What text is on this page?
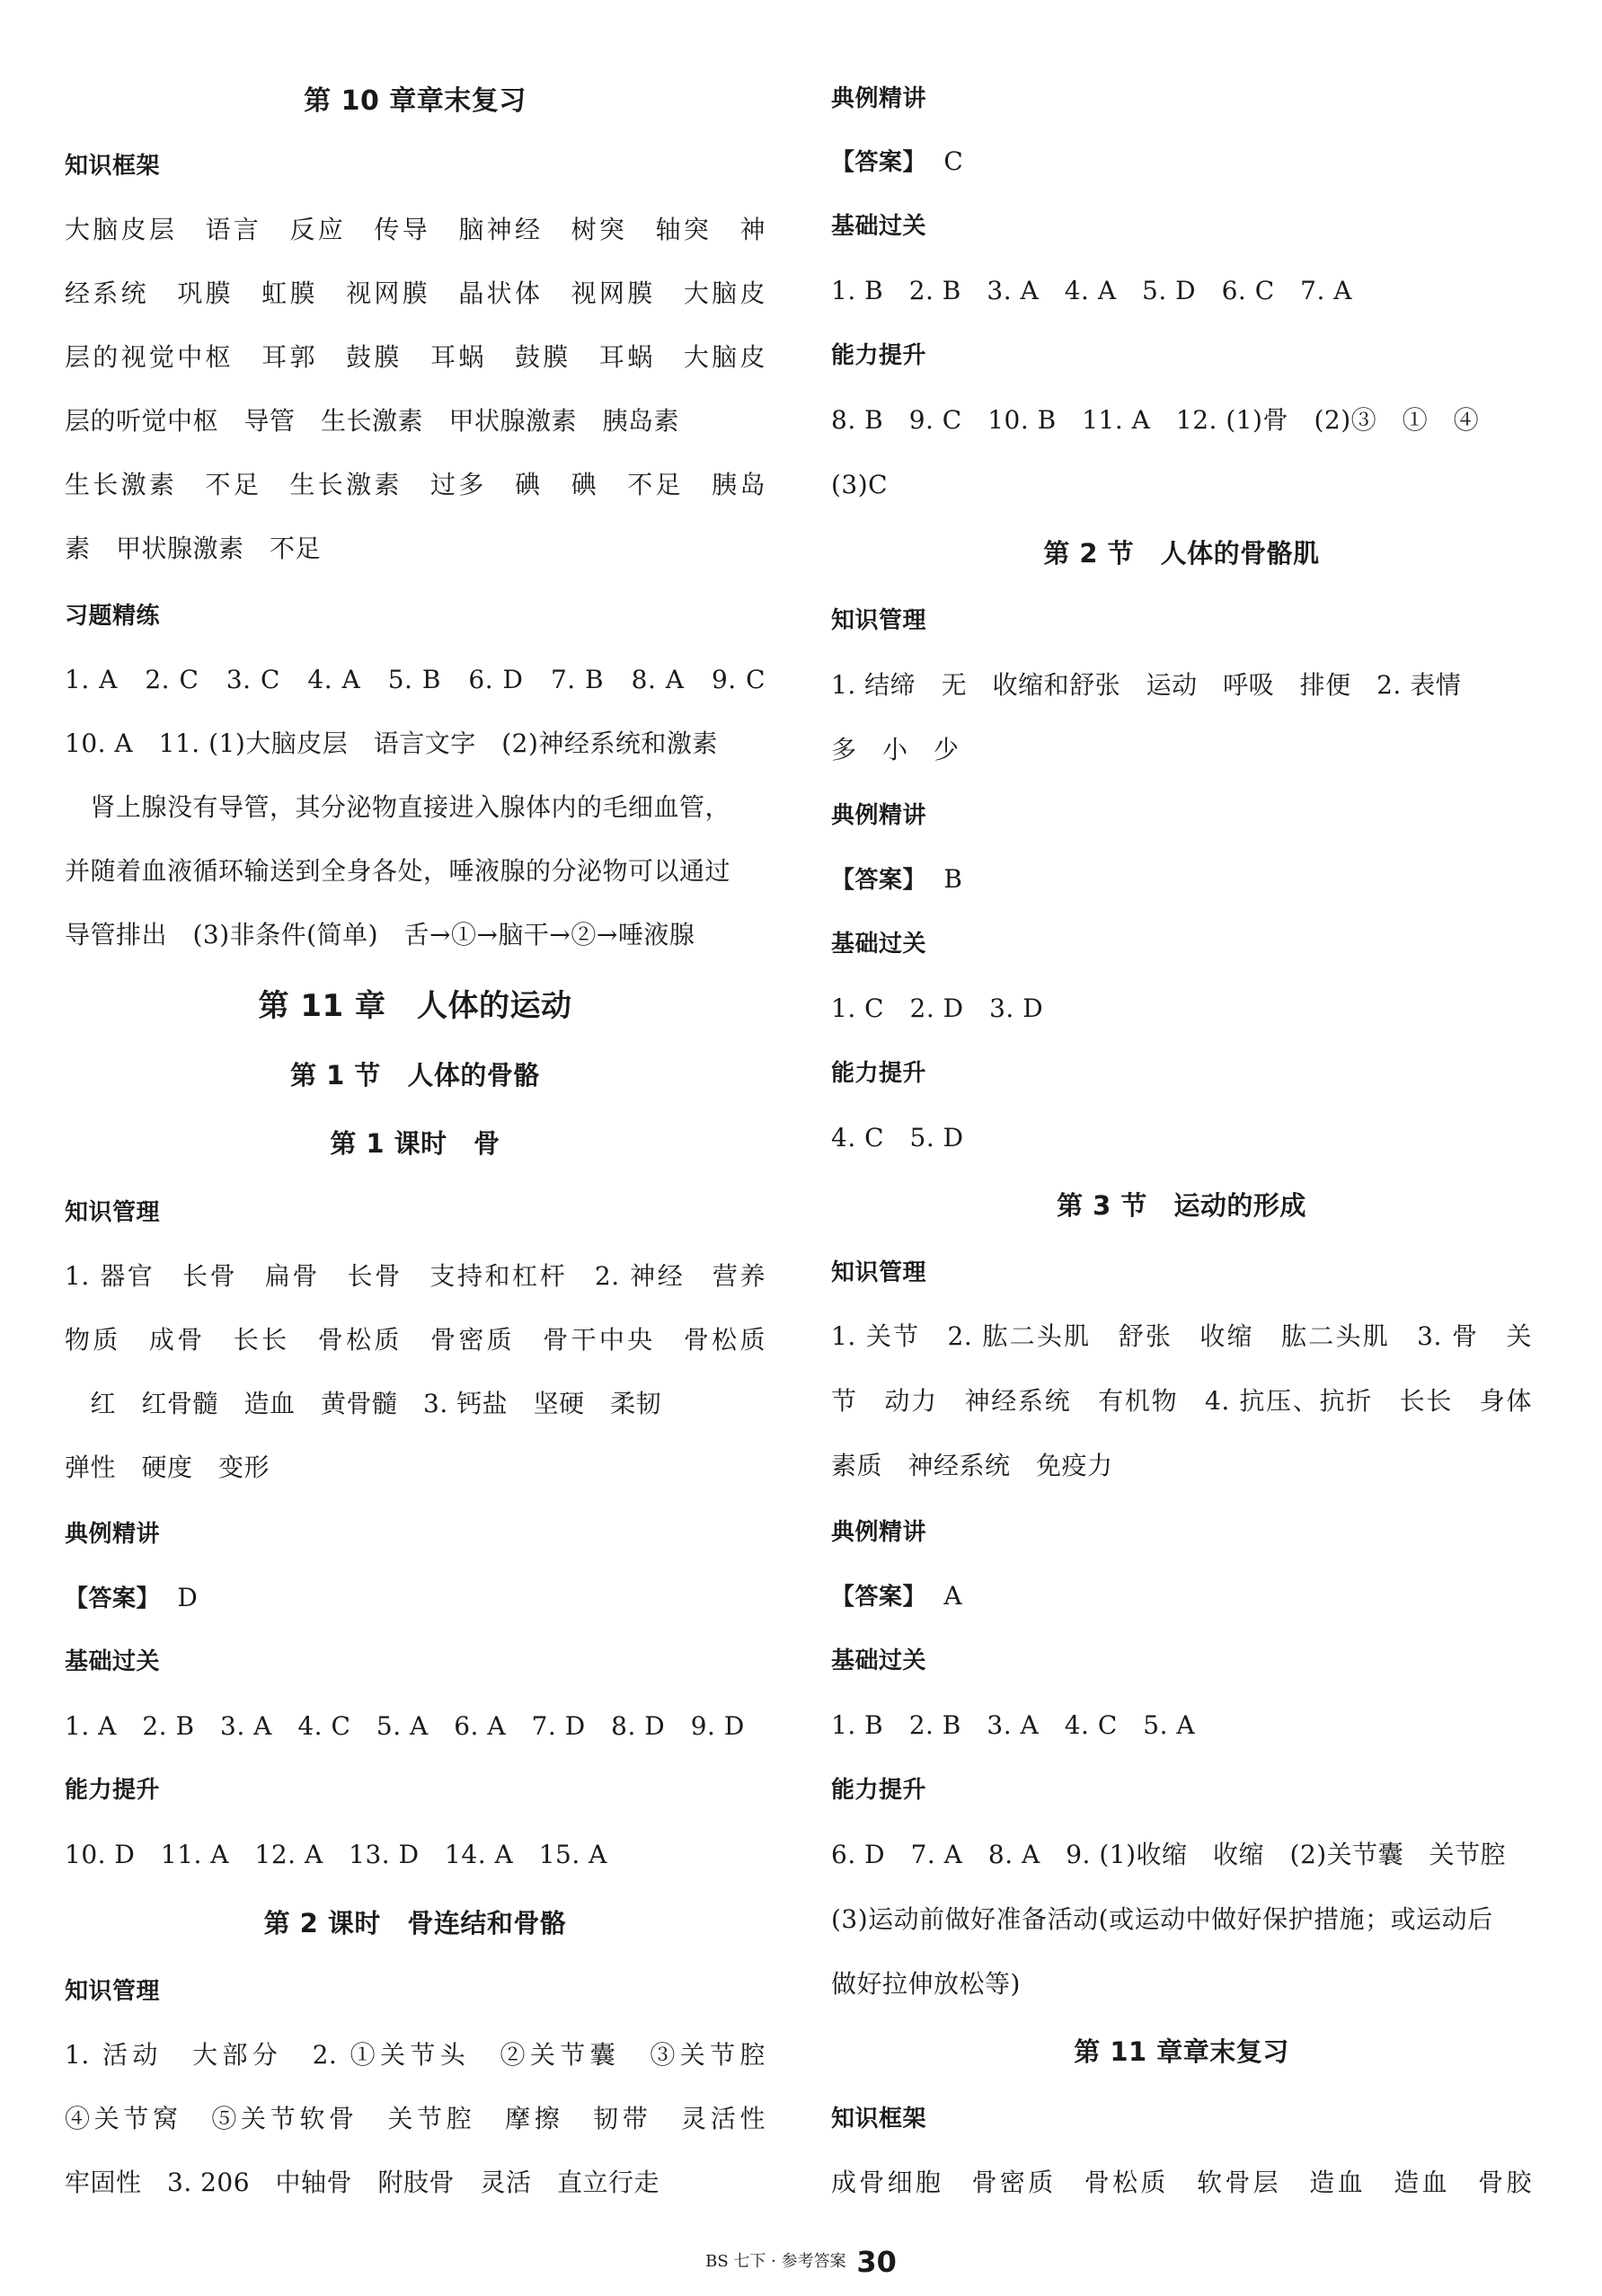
第 10 章章末复习
知识框架
大脑皮层　语言　反应　传导　脑神经　树突　轴突　神
经系统　巩膜　虹膜　视网膜　晶状体　视网膜　大脑皮
层的视觉中枢　耳郭　鼓膜　耳蜗　鼓膜　耳蜗　大脑皮
层的听觉中枢　导管　生长激素　甲状腺激素　胰岛素
生长激素　不足　生长激素　过多　碘　碘　不足　胰岛
素　甲状腺激素　不足
习题精练
1. A　2. C　3. C　4. A　5. B　6. D　7. B　8. A　9. C
10. A　11. (1)大脑皮层　语言文字　(2)神经系统和激素
　肾上腺没有导管，其分泌物直接进入腺体内的毛细血管，
并随着血液循环输送到全身各处，唾液腺的分泌物可以通过
导管排出　(3)非条件(简单)　舌→①→脑干→②→唾液腺
第 11 章　人体的运动
第 1 节　人体的骨骼
第 1 课时　骨
知识管理
1. 器官　长骨　扁骨　长骨　支持和杠杆　2. 神经　营养
物质　成骨　长长　骨松质　骨密质　骨干中央　骨松质
　红　红骨髓　造血　黄骨髓　3. 钙盐　坚硬　柔韧
弹性　硬度　变形
典例精讲
【答案】 D
基础过关
1. A　2. B　3. A　4. C　5. A　6. A　7. D　8. D　9. D
能力提升
10. D　11. A　12. A　13. D　14. A　15. A
第 2 课时　骨连结和骨骼
知识管理
1. 活动　大部分　2. ①关节头　②关节囊　③关节腔
④关节窝　⑤关节软骨　关节腔　摩擦　韧带　灵活性
牢固性　3. 206　中轴骨　附肢骨　灵活　直立行走
典例精讲
【答案】 C
基础过关
1. B　2. B　3. A　4. A　5. D　6. C　7. A
能力提升
8. B　9. C　10. B　11. A　12. (1)骨　(2)③　①　④
(3)C
第 2 节　人体的骨骼肌
知识管理
1. 结缔　无　收缩和舒张　运动　呼吸　排便　2. 表情
多　小　少
典例精讲
【答案】 B
基础过关
1. C　2. D　3. D
能力提升
4. C　5. D
第 3 节　运动的形成
知识管理
1. 关节　2. 肱二头肌　舒张　收缩　肱二头肌　3. 骨　关
节　动力　神经系统　有机物　4. 抗压、抗折　长长　身体
素质　神经系统　免疫力
典例精讲
【答案】 A
基础过关
1. B　2. B　3. A　4. C　5. A
能力提升
6. D　7. A　8. A　9. (1)收缩　收缩　(2)关节囊　关节腔
(3)运动前做好准备活动(或运动中做好保护措施；或运动后
做好拉伸放松等)
第 11 章章末复习
知识框架
成骨细胞　骨密质　骨松质　软骨层　造血　造血　骨胶
BS 七下 · 参考答案 30
